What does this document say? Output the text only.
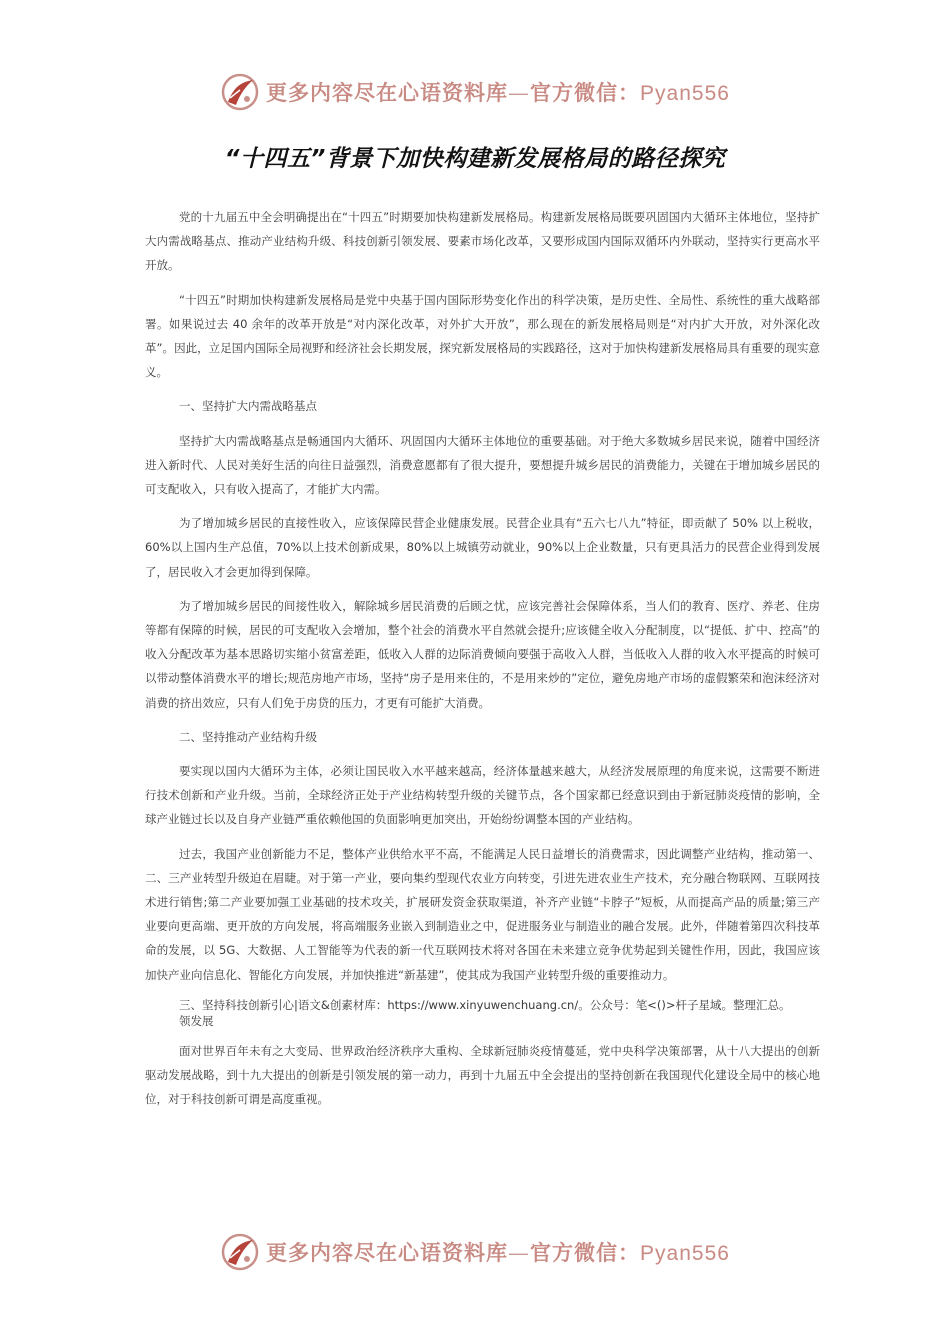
更多内容尽在心语资料库—官方微信：Pyan556
“十四五”背景下加快构建新发展格局的路径探究

党的十九届五中全会明确提出在“十四五”时期要加快构建新发展格局。构建新发展格局既要巩固国内大循环主体地位，坚持扩大内需战略基点、推动产业结构升级、科技创新引领发展、要素市场化改革，又要形成国内国际双循环内外联动，坚持实行更高水平开放。

“十四五”时期加快构建新发展格局是党中央基于国内国际形势变化作出的科学决策，是历史性、全局性、系统性的重大战略部署。如果说过去 40 余年的改革开放是“对内深化改革，对外扩大开放”，那么现在的新发展格局则是“对内扩大开放，对外深化改革”。因此，立足国内国际全局视野和经济社会长期发展，探究新发展格局的实践路径，这对于加快构建新发展格局具有重要的现实意义。

一、坚持扩大内需战略基点

坚持扩大内需战略基点是畅通国内大循环、巩固国内大循环主体地位的重要基础。对于绝大多数城乡居民来说，随着中国经济进入新时代、人民对美好生活的向往日益强烈，消费意愿都有了很大提升，要想提升城乡居民的消费能力，关键在于增加城乡居民的可支配收入，只有收入提高了，才能扩大内需。

为了增加城乡居民的直接性收入，应该保障民营企业健康发展。民营企业具有“五六七八九”特征，即贡献了 50% 以上税收，60%以上国内生产总值，70%以上技术创新成果，80%以上城镇劳动就业，90%以上企业数量，只有更具活力的民营企业得到发展了，居民收入才会更加得到保障。

为了增加城乡居民的间接性收入，解除城乡居民消费的后顾之忧，应该完善社会保障体系，当人们的教育、医疗、养老、住房等都有保障的时候，居民的可支配收入会增加，整个社会的消费水平自然就会提升;应该健全收入分配制度，以“提低、扩中、控高”的收入分配改革为基本思路切实缩小贫富差距，低收入人群的边际消费倾向要强于高收入人群，当低收入人群的收入水平提高的时候可以带动整体消费水平的增长;规范房地产市场，坚持“房子是用来住的，不是用来炒的”定位，避免房地产市场的虚假繁荣和泡沫经济对消费的挤出效应，只有人们免于房贷的压力，才更有可能扩大消费。

二、坚持推动产业结构升级

要实现以国内大循环为主体，必须让国民收入水平越来越高，经济体量越来越大，从经济发展原理的角度来说，这需要不断进行技术创新和产业升级。当前，全球经济正处于产业结构转型升级的关键节点，各个国家都已经意识到由于新冠肺炎疫情的影响，全球产业链过长以及自身产业链严重依赖他国的负面影响更加突出，开始纷纷调整本国的产业结构。

过去，我国产业创新能力不足，整体产业供给水平不高，不能满足人民日益增长的消费需求，因此调整产业结构，推动第一、二、三产业转型升级迫在眉睫。对于第一产业，要向集约型现代农业方向转变，引进先进农业生产技术，充分融合物联网、互联网技术进行销售;第二产业要加强工业基础的技术攻关，扩展研发资金获取渠道，补齐产业链“卡脖子”短板，从而提高产品的质量;第三产业要向更高端、更开放的方向发展，将高端服务业嵌入到制造业之中，促进服务业与制造业的融合发展。此外，伴随着第四次科技革命的发展，以 5G、大数据、人工智能等为代表的新一代互联网技术将对各国在未来建立竞争优势起到关键性作用，因此，我国应该加快产业向信息化、智能化方向发展，并加快推进“新基建”，使其成为我国产业转型升级的重要推动力。

三、坚持科技创新引心|语文&创素材库：https://www.xinyuwenchuang.cn/。公众号：笔<()>杆子星域。整理汇总。
领发展

面对世界百年未有之大变局、世界政治经济秩序大重构、全球新冠肺炎疫情蔓延，党中央科学决策部署，从十八大提出的创新驱动发展战略，到十九大提出的创新是引领发展的第一动力，再到十九届五中全会提出的坚持创新在我国现代化建设全局中的核心地位，对于科技创新可谓是高度重视。

更多内容尽在心语资料库—官方微信：Pyan556
